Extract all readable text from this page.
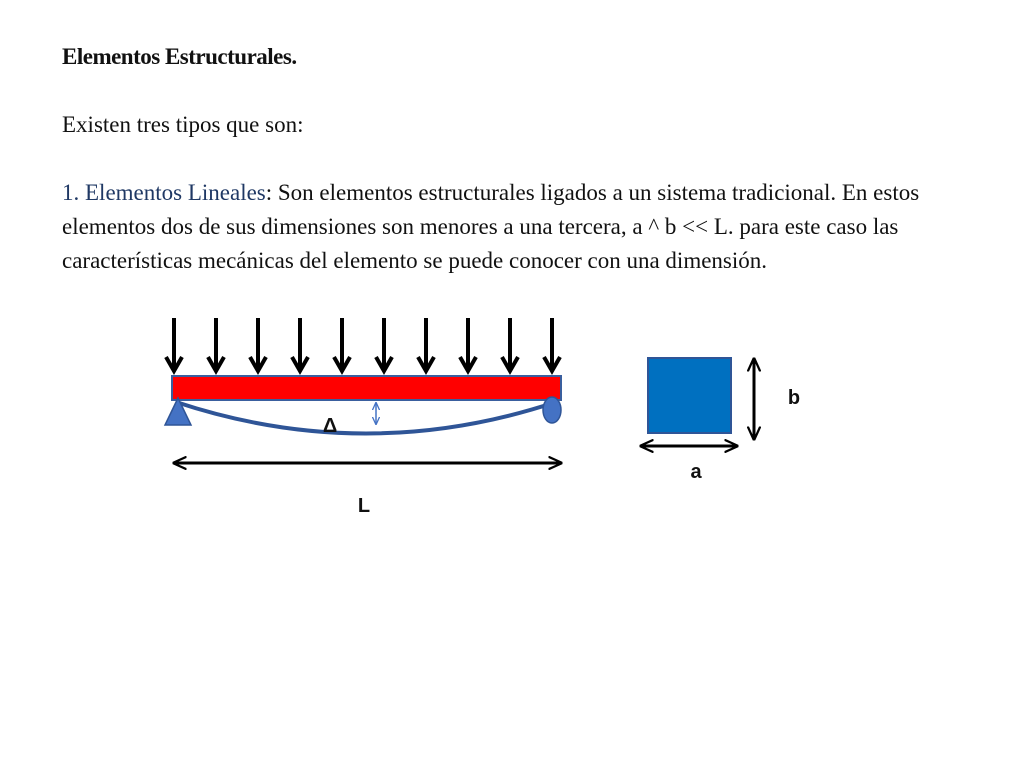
Elementos Estructurales.

Existen tres tipos que son:

1. Elementos Lineales: Son elementos estructurales ligados a un sistema tradicional. En estos elementos dos de sus dimensiones son menores a una tercera, a ^ b << L. para este caso las características mecánicas del elemento se puede conocer con una dimensión.

Δ
L
b
a
